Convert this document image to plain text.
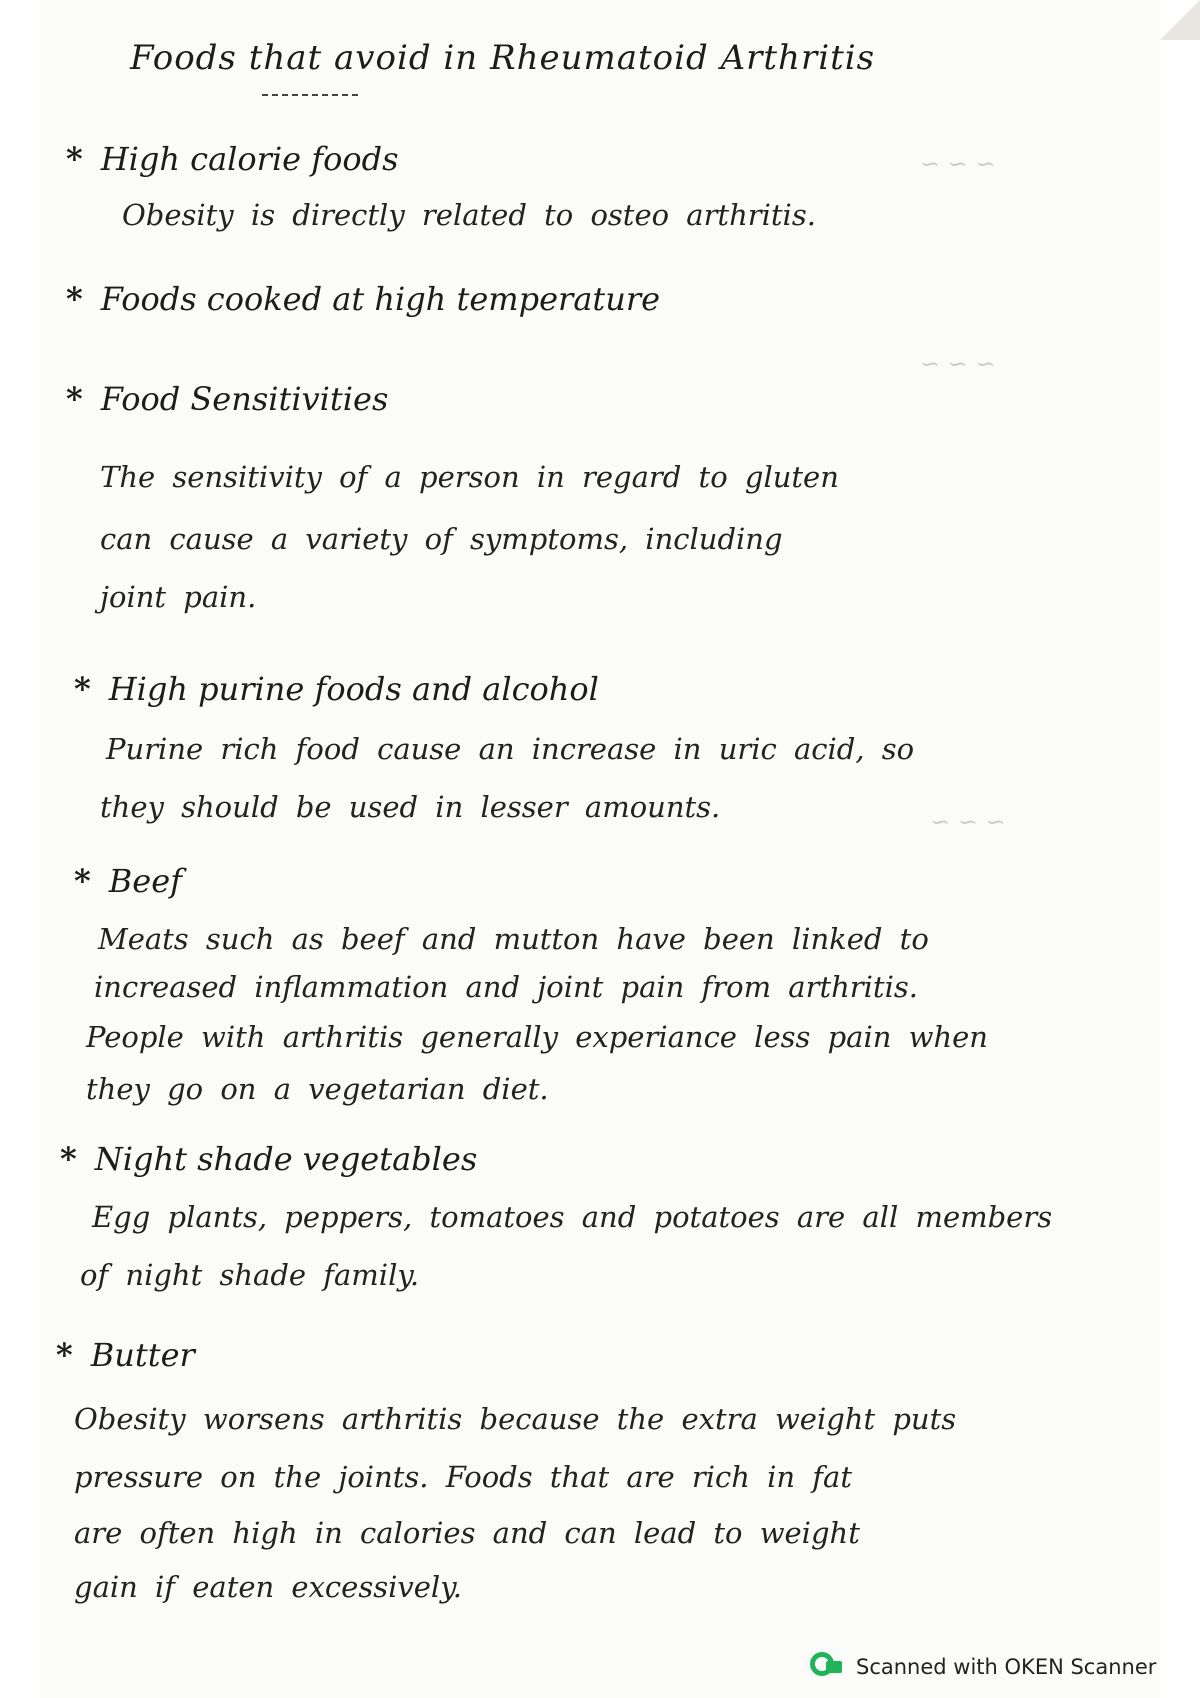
Foods that avoid in Rheumatoid Arthritis
~ ~ ~
~ ~ ~
~ ~ ~
* High calorie foods
Obesity is directly related to osteo arthritis.
* Foods cooked at high temperature
* Food Sensitivities
The sensitivity of a person in regard to gluten
can cause a variety of symptoms, including
joint pain.
* High purine foods and alcohol
Purine rich food cause an increase in uric acid, so
they should be used in lesser amounts.
* Beef
Meats such as beef and mutton have been linked to
increased inflammation and joint pain from arthritis.
People with arthritis generally experiance less pain when
they go on a vegetarian diet.
* Night shade vegetables
Egg plants, peppers, tomatoes and potatoes are all members
of night shade family.
* Butter
Obesity worsens arthritis because the extra weight puts
pressure on the joints. Foods that are rich in fat
are often high in calories and can lead to weight
gain if eaten excessively.
Scanned with OKEN Scanner
